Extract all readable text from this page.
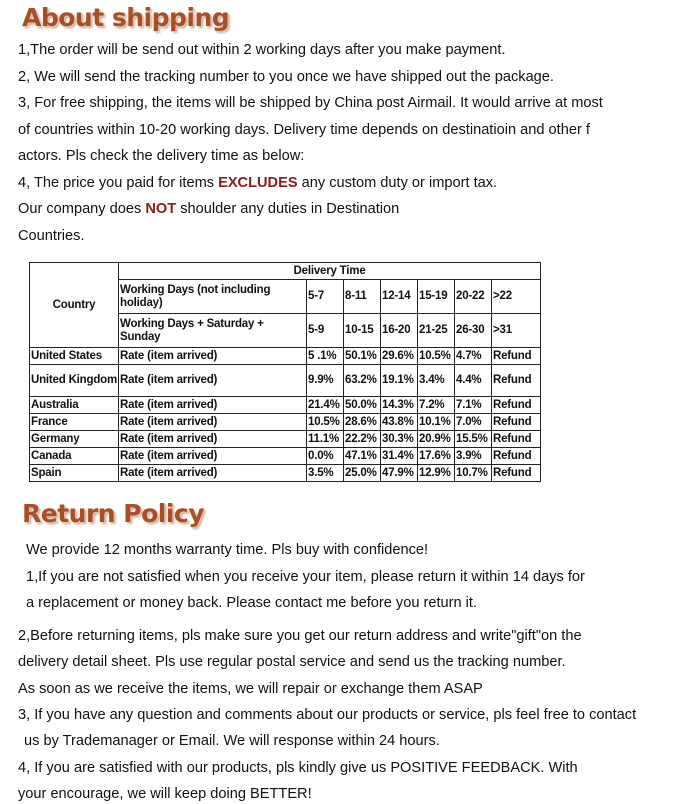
About shipping
1,The order will be send out within 2 working days after you make payment.
2, We will send the tracking number to you once we have shipped out the package.
3, For free shipping, the items will be shipped by China post Airmail. It would arrive at most
of countries within 10-20 working days. Delivery time depends on destinatioin and other f
actors. Pls check the delivery time as below:
4, The price you paid for items EXCLUDES any custom duty or import tax.
Our company does NOT shoulder any duties in Destination
Countries.
Country	Delivery Time						
	Working Days (not including holiday)	5-7	8-11	12-14	15-19	20-22	>22
	Working Days + Saturday + Sunday	5-9	10-15	16-20	21-25	26-30	>31
United States	Rate (item arrived)	5 .1%	50.1%	29.6%	10.5%	4.7%	Refund
United Kingdom	Rate (item arrived)	9.9%	63.2%	19.1%	3.4%	4.4%	Refund
Australia	Rate (item arrived)	21.4%	50.0%	14.3%	7.2%	7.1%	Refund
France	Rate (item arrived)	10.5%	28.6%	43.8%	10.1%	7.0%	Refund
Germany	Rate (item arrived)	11.1%	22.2%	30.3%	20.9%	15.5%	Refund
Canada	Rate (item arrived)	0.0%	47.1%	31.4%	17.6%	3.9%	Refund
Spain	Rate (item arrived)	3.5%	25.0%	47.9%	12.9%	10.7%	Refund
Return Policy
We provide 12 months warranty time. Pls buy with confidence!
1,If you are not satisfied when you receive your item, please return it within 14 days for
a replacement or money back. Please contact me before you return it.
2,Before returning items, pls make sure you get our return address and write"gift"on the
delivery detail sheet. Pls use regular postal service and send us the tracking number.
As soon as we receive the items, we will repair or exchange them ASAP
3, If you have any question and comments about our products or service, pls feel free to contact
us by Trademanager or Email. We will response within 24 hours.
4, If you are satisfied with our products, pls kindly give us POSITIVE FEEDBACK. With
your encourage, we will keep doing BETTER!
